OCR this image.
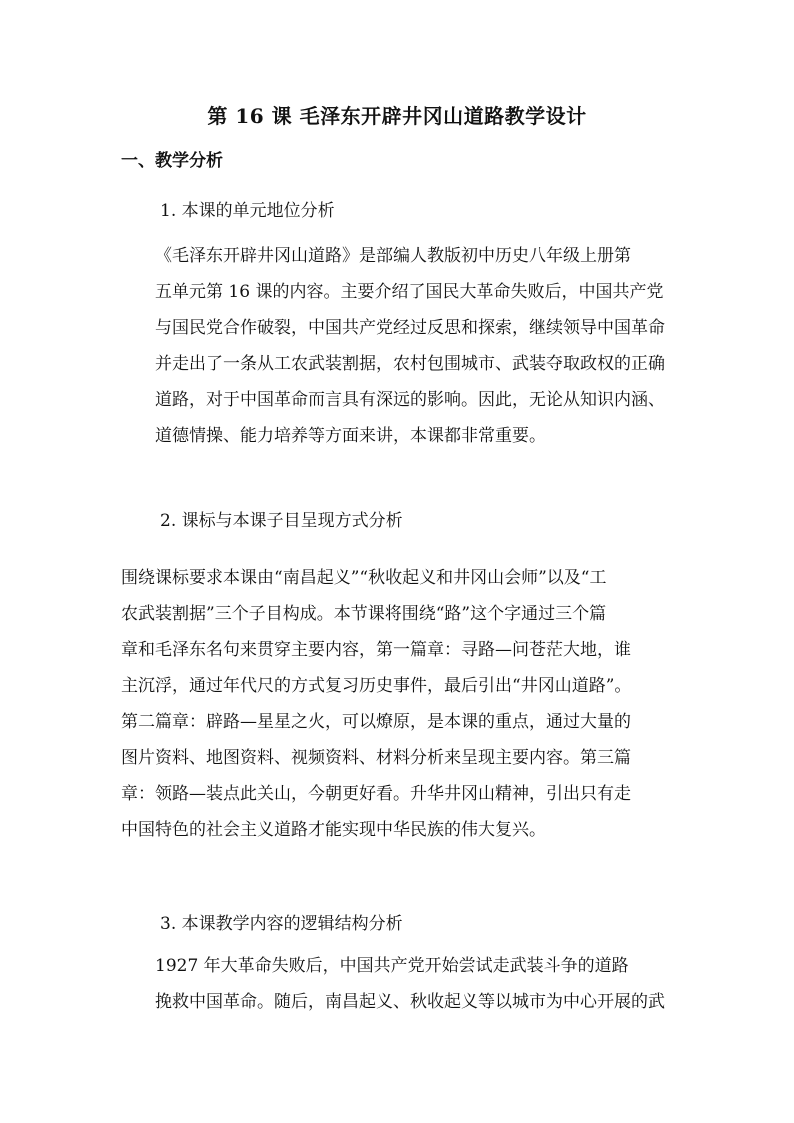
第 16 课 毛泽东开辟井冈山道路教学设计
一、教学分析
1. 本课的单元地位分析

《毛泽东开辟井冈山道路》是部编人教版初中历史八年级上册第
五单元第 16 课的内容。主要介绍了国民大革命失败后，中国共产党
与国民党合作破裂，中国共产党经过反思和探索，继续领导中国革命
并走出了一条从工农武装割据，农村包围城市、武装夺取政权的正确
道路，对于中国革命而言具有深远的影响。因此，无论从知识内涵、
道德情操、能力培养等方面来讲，本课都非常重要。

2. 课标与本课子目呈现方式分析

围绕课标要求本课由“南昌起义”“秋收起义和井冈山会师”以及“工
农武装割据”三个子目构成。本节课将围绕“路”这个字通过三个篇
章和毛泽东名句来贯穿主要内容，第一篇章：寻路—问苍茫大地，谁
主沉浮，通过年代尺的方式复习历史事件，最后引出“井冈山道路”。
第二篇章：辟路—星星之火，可以燎原，是本课的重点，通过大量的
图片资料、地图资料、视频资料、材料分析来呈现主要内容。第三篇
章：领路—装点此关山，今朝更好看。升华井冈山精神，引出只有走
中国特色的社会主义道路才能实现中华民族的伟大复兴。

3. 本课教学内容的逻辑结构分析

1927 年大革命失败后，中国共产党开始尝试走武装斗争的道路
挽救中国革命。随后，南昌起义、秋收起义等以城市为中心开展的武
